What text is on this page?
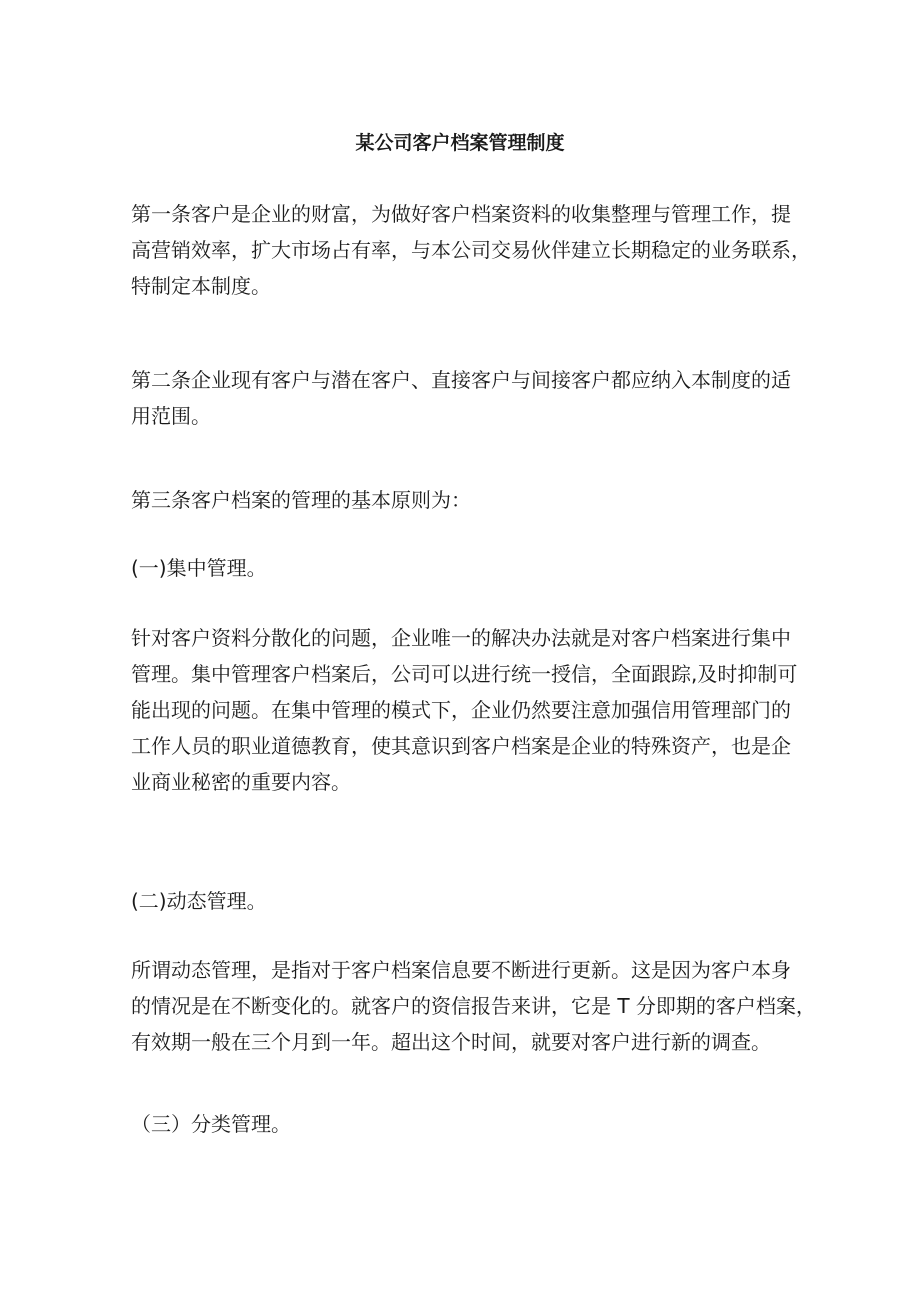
某公司客户档案管理制度
第一条客户是企业的财富，为做好客户档案资料的收集整理与管理工作，提
高营销效率，扩大市场占有率，与本公司交易伙伴建立长期稳定的业务联系，
特制定本制度。
第二条企业现有客户与潜在客户、直接客户与间接客户都应纳入本制度的适
用范围。
第三条客户档案的管理的基本原则为：
(一)集中管理。
针对客户资料分散化的问题，企业唯一的解决办法就是对客户档案进行集中
管理。集中管理客户档案后，公司可以进行统一授信，全面跟踪,及时抑制可
能出现的问题。在集中管理的模式下，企业仍然要注意加强信用管理部门的
工作人员的职业道德教育，使其意识到客户档案是企业的特殊资产，也是企
业商业秘密的重要内容。
(二)动态管理。
所谓动态管理，是指对于客户档案信息要不断进行更新。这是因为客户本身
的情况是在不断变化的。就客户的资信报告来讲，它是 T 分即期的客户档案，
有效期一般在三个月到一年。超出这个时间，就要对客户进行新的调查。
（三）分类管理。
